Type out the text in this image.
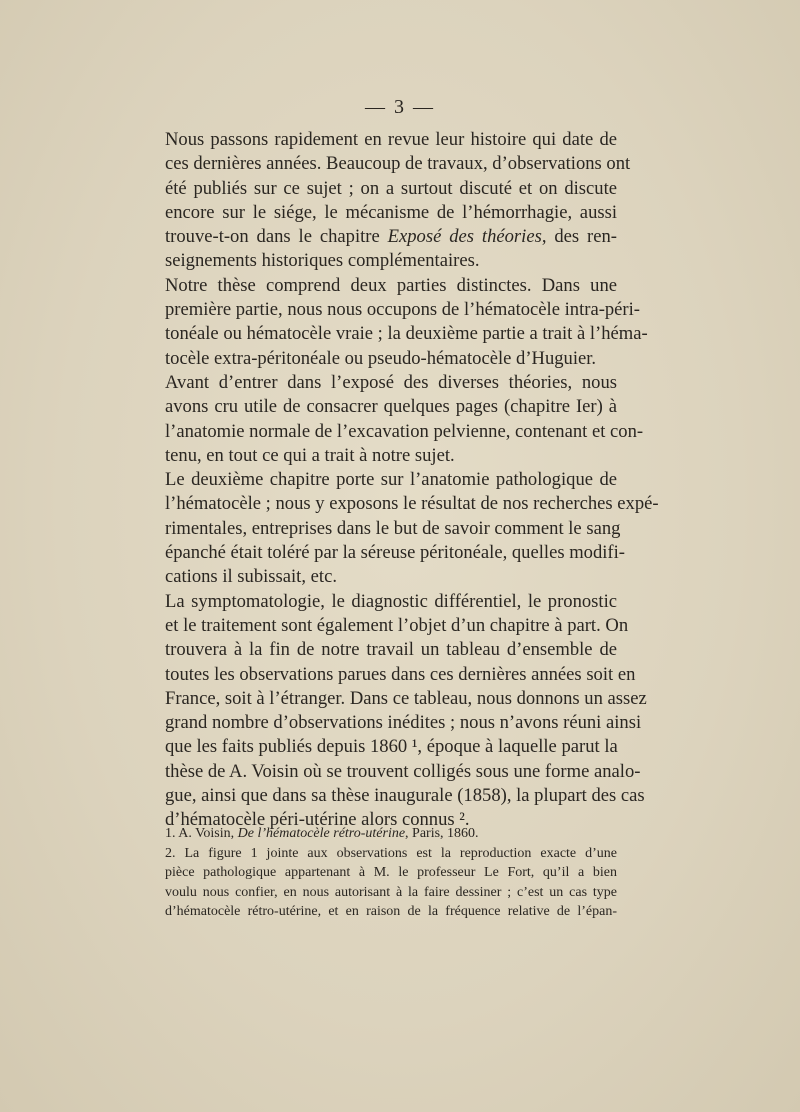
— 3 —
Nous passons rapidement en revue leur histoire qui date de
ces dernières années. Beaucoup de travaux, d’observations ont
été publiés sur ce sujet ; on a surtout discuté et on discute
encore sur le siége, le mécanisme de l’hémorrhagie, aussi
trouve-t-on dans le chapitre Exposé des théories, des ren-
seignements historiques complémentaires.
Notre thèse comprend deux parties distinctes. Dans une
première partie, nous nous occupons de l’hématocèle intra-péri-
tonéale ou hématocèle vraie ; la deuxième partie a trait à l’héma-
tocèle extra-péritonéale ou pseudo-hématocèle d’Huguier.
Avant d’entrer dans l’exposé des diverses théories, nous
avons cru utile de consacrer quelques pages (chapitre Ier) à
l’anatomie normale de l’excavation pelvienne, contenant et con-
tenu, en tout ce qui a trait à notre sujet.
Le deuxième chapitre porte sur l’anatomie pathologique de
l’hématocèle ; nous y exposons le résultat de nos recherches expé-
rimentales, entreprises dans le but de savoir comment le sang
épanché était toléré par la séreuse péritonéale, quelles modifi-
cations il subissait, etc.
La symptomatologie, le diagnostic différentiel, le pronostic
et le traitement sont également l’objet d’un chapitre à part. On
trouvera à la fin de notre travail un tableau d’ensemble de
toutes les observations parues dans ces dernières années soit en
France, soit à l’étranger. Dans ce tableau, nous donnons un assez
grand nombre d’observations inédites ; nous n’avons réuni ainsi
que les faits publiés depuis 1860 ¹, époque à laquelle parut la
thèse de A. Voisin où se trouvent colligés sous une forme analo-
gue, ainsi que dans sa thèse inaugurale (1858), la plupart des cas
d’hématocèle péri-utérine alors connus ².
1. A. Voisin, De l’hématocèle rétro-utérine, Paris, 1860.
2. La figure 1 jointe aux observations est la reproduction exacte d’une
pièce pathologique appartenant à M. le professeur Le Fort, qu’il a bien
voulu nous confier, en nous autorisant à la faire dessiner ; c’est un cas type
d’hématocèle rétro-utérine, et en raison de la fréquence relative de l’épan-
